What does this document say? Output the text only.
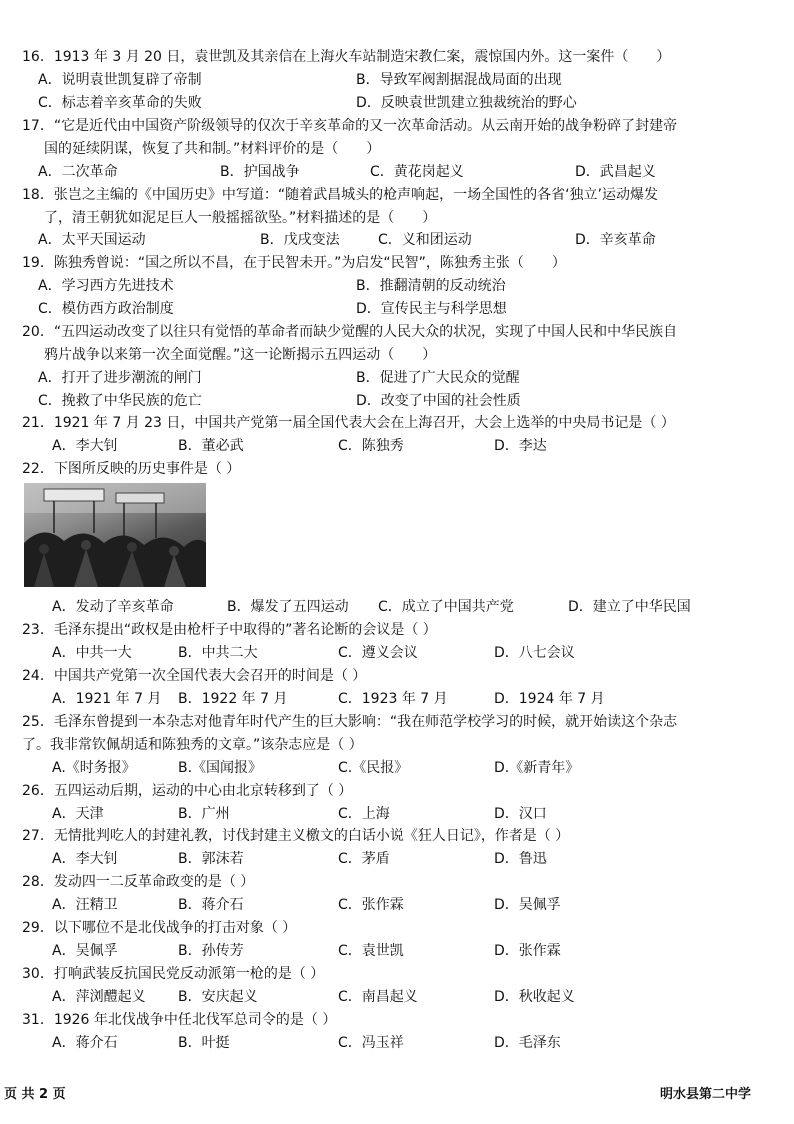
16．1913 年 3 月 20 日，袁世凯及其亲信在上海火车站制造宋教仁案，震惊国内外。这一案件（　　）
A．说明袁世凯复辟了帝制	B．导致军阀割据混战局面的出现
C．标志着辛亥革命的失败	D．反映袁世凯建立独裁统治的野心
17．“它是近代由中国资产阶级领导的仅次于辛亥革命的又一次革命活动。从云南开始的战争粉碎了封建帝
国的延续阴谋，恢复了共和制。”材料评价的是（　　）
A．二次革命	B．护国战争	C．黄花岗起义	D．武昌起义
18．张岂之主编的《中国历史》中写道：“随着武昌城头的枪声响起，一场全国性的各省‘独立’运动爆发
了，清王朝犹如泥足巨人一般摇摇欲坠。”材料描述的是（　　）
A．太平天国运动	B．戊戌变法	C．义和团运动	D．辛亥革命
19．陈独秀曾说：“国之所以不昌，在于民智未开。”为启发“民智”，陈独秀主张（　　）
A．学习西方先进技术	B．推翻清朝的反动统治
C．模仿西方政治制度	D．宣传民主与科学思想
20．“五四运动改变了以往只有觉悟的革命者而缺少觉醒的人民大众的状况，实现了中国人民和中华民族自
鸦片战争以来第一次全面觉醒。”这一论断揭示五四运动（　　）
A．打开了进步潮流的闸门	B．促进了广大民众的觉醒
C．挽救了中华民族的危亡	D．改变了中国的社会性质
21．1921 年 7 月 23 日，中国共产党第一届全国代表大会在上海召开，大会上选举的中央局书记是（ ）
A．李大钊	B．董必武	C．陈独秀	D．李达
22．下图所反映的历史事件是（ ）
A．发动了辛亥革命	B．爆发了五四运动 C．成立了中国共产党	D．建立了中华民国
23．毛泽东提出“政权是由枪杆子中取得的”著名论断的会议是（ ）
A．中共一大	B．中共二大	C．遵义会议	D．八七会议
24．中国共产党第一次全国代表大会召开的时间是（ ）
A．1921 年 7 月 B．1922 年 7 月	C．1923 年 7 月	D．1924 年 7 月
25．毛泽东曾提到一本杂志对他青年时代产生的巨大影响：“我在师范学校学习的时候，就开始读这个杂志
了。我非常钦佩胡适和陈独秀的文章。”该杂志应是（ ）
A.《时务报》	B.《国闻报》	C.《民报》	D.《新青年》
26．五四运动后期，运动的中心由北京转移到了（ ）
A．天津	B．广州	C．上海	D．汉口
27．无情批判吃人的封建礼教，讨伐封建主义檄文的白话小说《狂人日记》，作者是（ ）
A．李大钊	B．郭沫若	C．茅盾	D．鲁迅
28．发动四一二反革命政变的是（ ）
A．汪精卫	B．蒋介石	C．张作霖	D．吴佩孚
29．以下哪位不是北伐战争的打击对象（ ）
A．吴佩孚	B．孙传芳	C．袁世凯	D．张作霖
30．打响武装反抗国民党反动派第一枪的是（ ）
A．萍浏醴起义 B．安庆起义	C．南昌起义	D．秋收起义
31．1926 年北伐战争中任北伐军总司令的是（ ）
A．蒋介石	B．叶挺	C．冯玉祥	D．毛泽东
页 共 2 页	明水县第二中学
